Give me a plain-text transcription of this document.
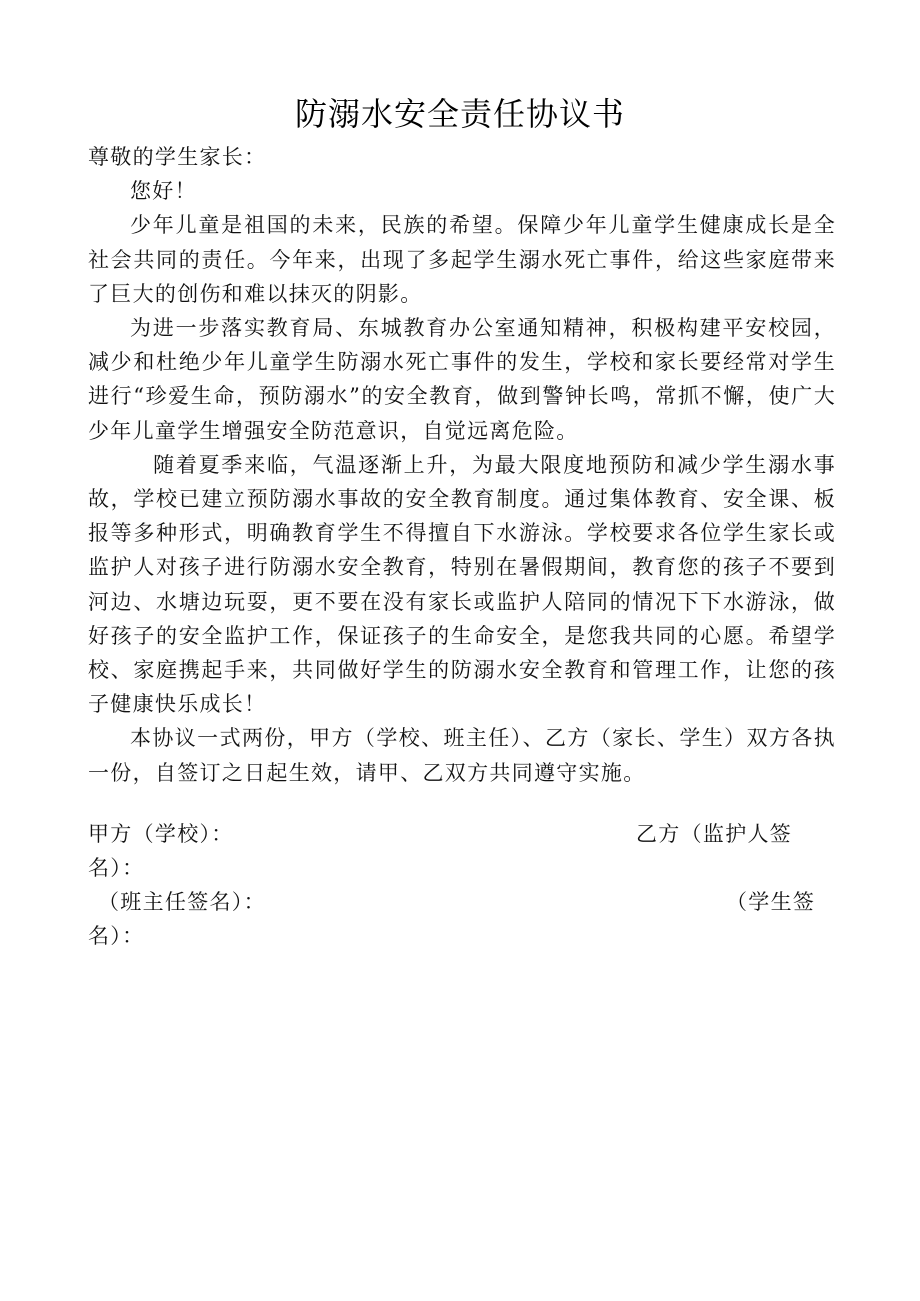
防溺水安全责任协议书

尊敬的学生家长：

您好！

少年儿童是祖国的未来，民族的希望。保障少年儿童学生健康成长是全社会共同的责任。今年来，出现了多起学生溺水死亡事件，给这些家庭带来了巨大的创伤和难以抹灭的阴影。

为进一步落实教育局、东城教育办公室通知精神，积极构建平安校园，减少和杜绝少年儿童学生防溺水死亡事件的发生，学校和家长要经常对学生进行“珍爱生命，预防溺水”的安全教育，做到警钟长鸣，常抓不懈，使广大少年儿童学生增强安全防范意识，自觉远离危险。

随着夏季来临，气温逐渐上升，为最大限度地预防和减少学生溺水事故，学校已建立预防溺水事故的安全教育制度。通过集体教育、安全课、板报等多种形式，明确教育学生不得擅自下水游泳。学校要求各位学生家长或监护人对孩子进行防溺水安全教育，特别在暑假期间，教育您的孩子不要到河边、水塘边玩耍，更不要在没有家长或监护人陪同的情况下下水游泳，做好孩子的安全监护工作，保证孩子的生命安全，是您我共同的心愿。希望学校、家庭携起手来，共同做好学生的防溺水安全教育和管理工作，让您的孩子健康快乐成长！

本协议一式两份，甲方（学校、班主任）、乙方（家长、学生）双方各执一份，自签订之日起生效，请甲、乙双方共同遵守实施。

甲方（学校）：	乙方（监护人签
名）：
（班主任签名）：	（学生签
名）：
